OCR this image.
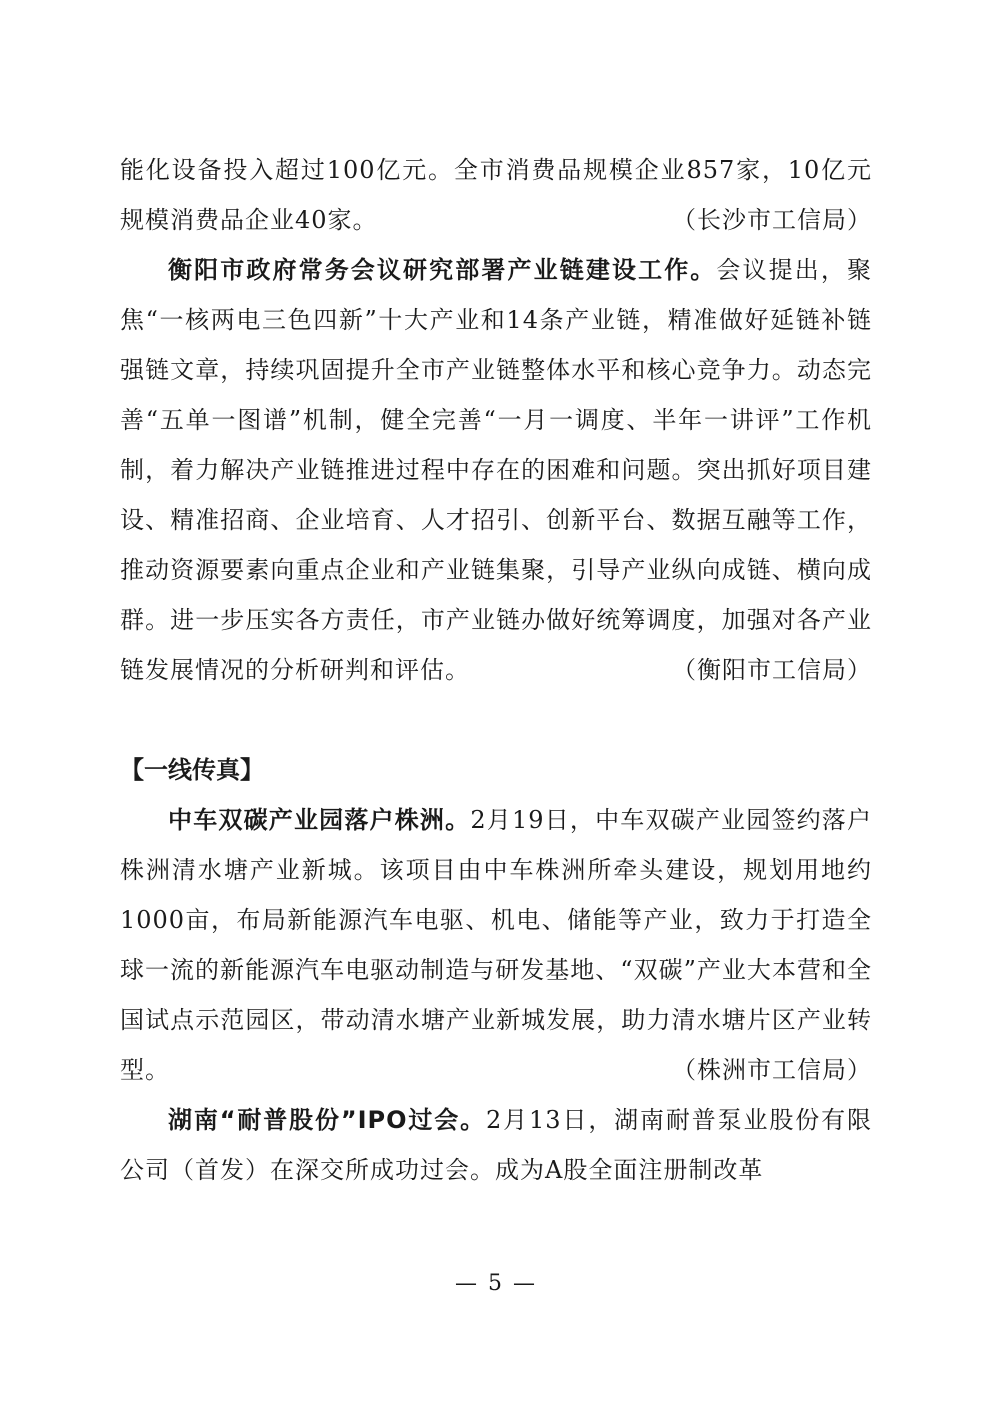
能化设备投入超过100亿元。全市消费品规模企业857家，10亿元规模消费品企业40家。	（长沙市工信局）

衡阳市政府常务会议研究部署产业链建设工作。会议提出，聚焦“一核两电三色四新”十大产业和14条产业链，精准做好延链补链强链文章，持续巩固提升全市产业链整体水平和核心竞争力。动态完善“五单一图谱”机制，健全完善“一月一调度、半年一讲评”工作机制，着力解决产业链推进过程中存在的困难和问题。突出抓好项目建设、精准招商、企业培育、人才招引、创新平台、数据互融等工作，推动资源要素向重点企业和产业链集聚，引导产业纵向成链、横向成群。进一步压实各方责任，市产业链办做好统筹调度，加强对各产业链发展情况的分析研判和评估。	（衡阳市工信局）

【一线传真】

中车双碳产业园落户株洲。2月19日，中车双碳产业园签约落户株洲清水塘产业新城。该项目由中车株洲所牵头建设，规划用地约1000亩，布局新能源汽车电驱、机电、储能等产业，致力于打造全球一流的新能源汽车电驱动制造与研发基地、“双碳”产业大本营和全国试点示范园区，带动清水塘产业新城发展，助力清水塘片区产业转型。	（株洲市工信局）

湖南“耐普股份”IPO过会。2月13日，湖南耐普泵业股份有限公司（首发）在深交所成功过会。成为A股全面注册制改革

— 5 —
